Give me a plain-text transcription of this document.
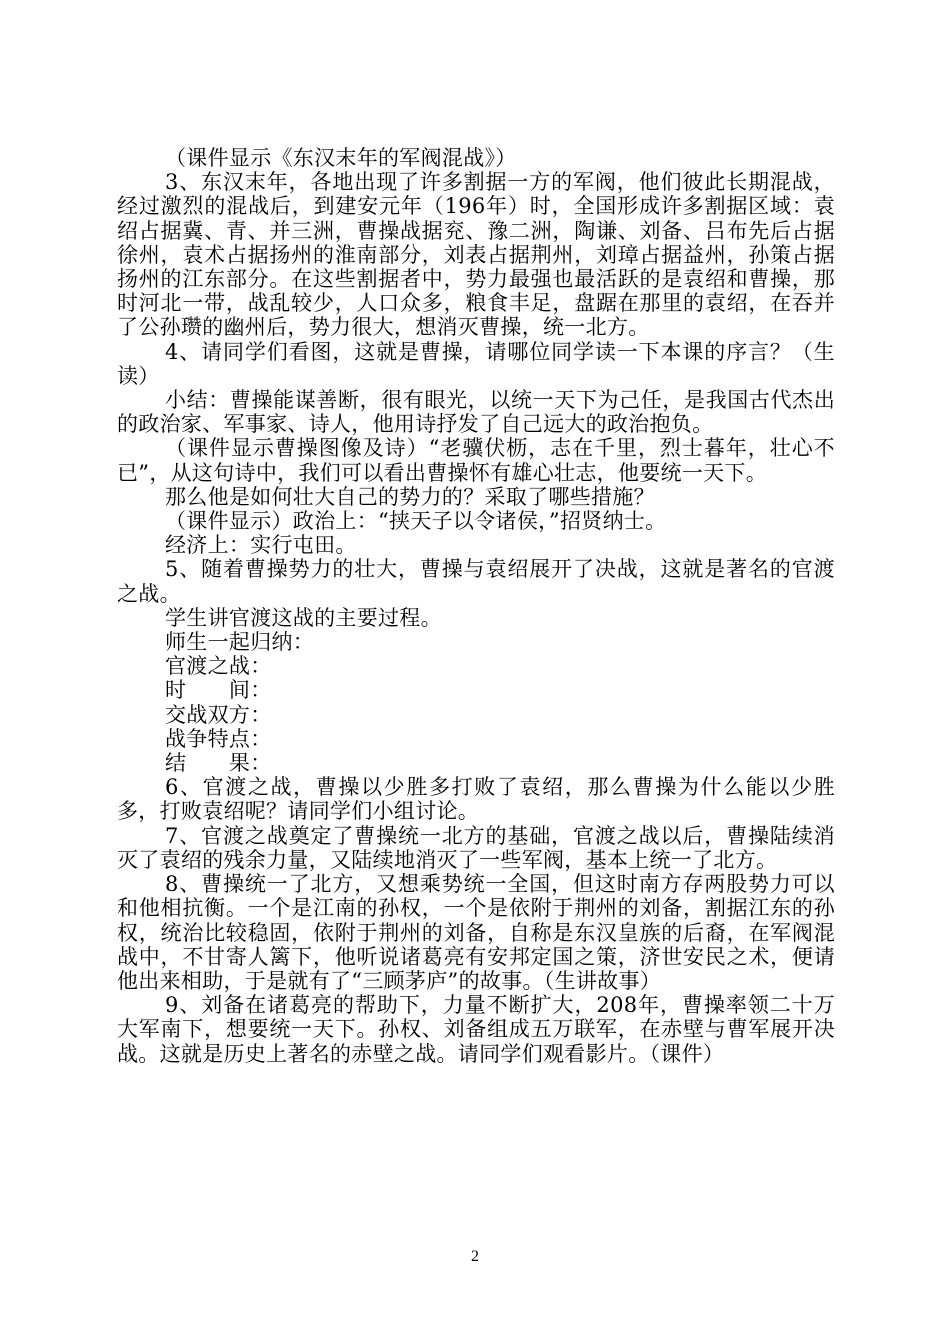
（课件显示《东汉末年的军阀混战》）

3、东汉末年，各地出现了许多割据一方的军阀，他们彼此长期混战，经过激烈的混战后，到建安元年（196年）时，全国形成许多割据区域：袁绍占据冀、青、并三洲，曹操战据兖、豫二洲，陶谦、刘备、吕布先后占据徐州，袁术占据扬州的淮南部分，刘表占据荆州，刘璋占据益州，孙策占据扬州的江东部分。在这些割据者中，势力最强也最活跃的是袁绍和曹操，那时河北一带，战乱较少，人口众多，粮食丰足，盘踞在那里的袁绍，在吞并了公孙瓒的幽州后，势力很大，想消灭曹操，统一北方。

4、请同学们看图，这就是曹操，请哪位同学读一下本课的序言？（生读）

小结：曹操能谋善断，很有眼光，以统一天下为己任，是我国古代杰出的政治家、军事家、诗人，他用诗抒发了自己远大的政治抱负。

（课件显示曹操图像及诗）“老骥伏枥，志在千里，烈士暮年，壮心不已”，从这句诗中，我们可以看出曹操怀有雄心壮志，他要统一天下。

那么他是如何壮大自己的势力的？采取了哪些措施？

（课件显示）政治上：“挟天子以令诸侯，”招贤纳士。

经济上：实行屯田。

5、随着曹操势力的壮大，曹操与袁绍展开了决战，这就是著名的官渡之战。

学生讲官渡这战的主要过程。

师生一起归纳：

官渡之战：

时　　间：

交战双方：

战争特点：

结　　果：

6、官渡之战，曹操以少胜多打败了袁绍，那么曹操为什么能以少胜多，打败袁绍呢？请同学们小组讨论。

7、官渡之战奠定了曹操统一北方的基础，官渡之战以后，曹操陆续消灭了袁绍的残余力量，又陆续地消灭了一些军阀，基本上统一了北方。

8、曹操统一了北方，又想乘势统一全国，但这时南方存两股势力可以和他相抗衡。一个是江南的孙权，一个是依附于荆州的刘备，割据江东的孙权，统治比较稳固，依附于荆州的刘备，自称是东汉皇族的后裔，在军阀混战中，不甘寄人篱下，他听说诸葛亮有安邦定国之策，济世安民之术，便请他出来相助，于是就有了“三顾茅庐”的故事。（生讲故事）

9、刘备在诸葛亮的帮助下，力量不断扩大，208年，曹操率领二十万大军南下，想要统一天下。孙权、刘备组成五万联军，在赤壁与曹军展开决战。这就是历史上著名的赤壁之战。请同学们观看影片。（课件）

2
